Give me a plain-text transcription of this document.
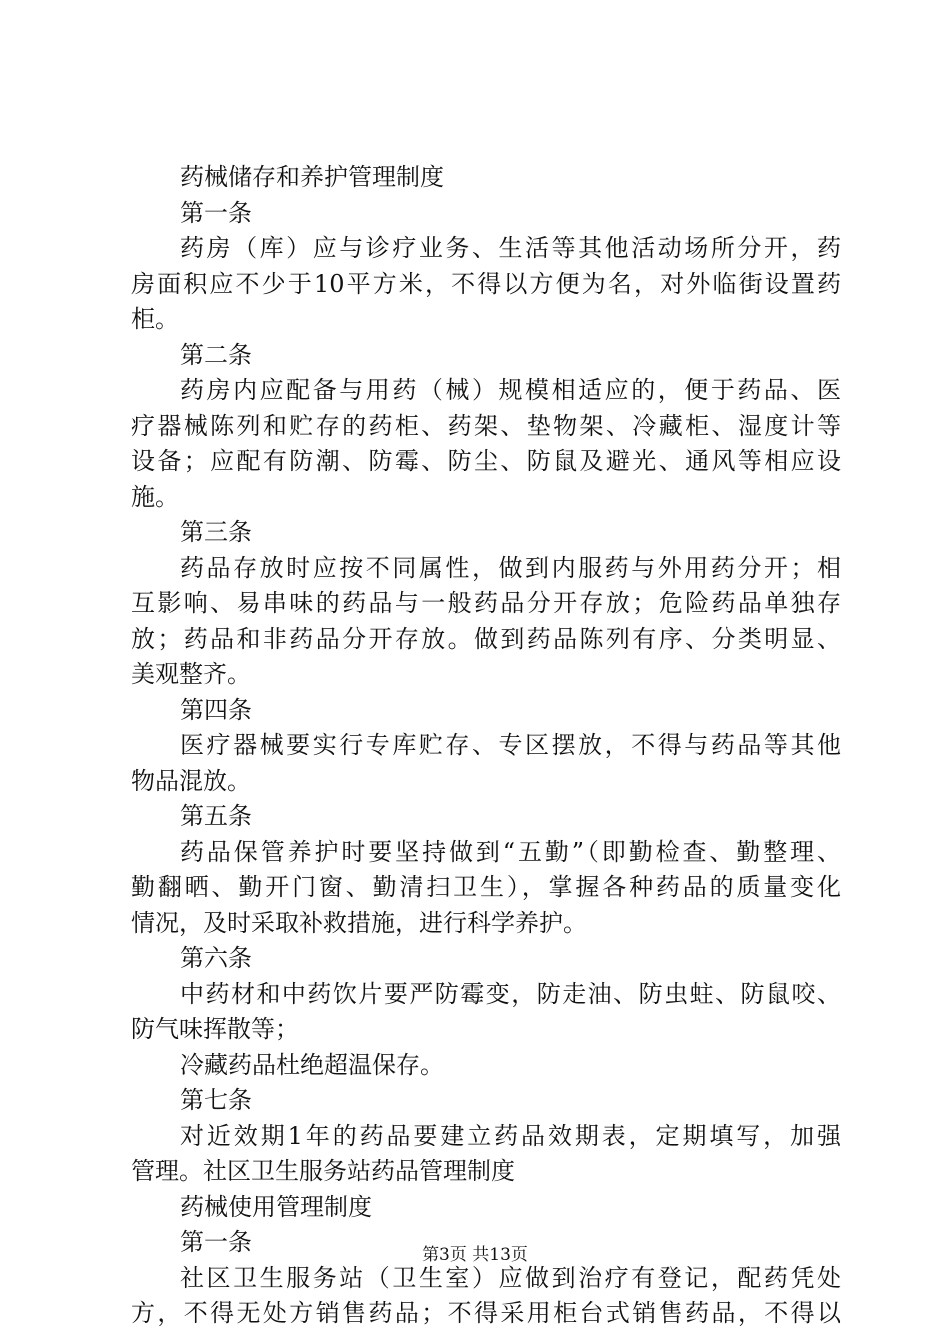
药械储存和养护管理制度
第一条
药房（库）应与诊疗业务、生活等其他活动场所分开，药
房面积应不少于10平方米，不得以方便为名，对外临街设置药
柜。
第二条
药房内应配备与用药（械）规模相适应的，便于药品、医
疗器械陈列和贮存的药柜、药架、垫物架、冷藏柜、湿度计等
设备；应配有防潮、防霉、防尘、防鼠及避光、通风等相应设
施。
第三条
药品存放时应按不同属性，做到内服药与外用药分开；相
互影响、易串味的药品与一般药品分开存放；危险药品单独存
放；药品和非药品分开存放。做到药品陈列有序、分类明显、
美观整齐。
第四条
医疗器械要实行专库贮存、专区摆放，不得与药品等其他
物品混放。
第五条
药品保管养护时要坚持做到“五勤”（即勤检查、勤整理、
勤翻晒、勤开门窗、勤清扫卫生），掌握各种药品的质量变化
情况，及时采取补救措施，进行科学养护。
第六条
中药材和中药饮片要严防霉变，防走油、防虫蛀、防鼠咬、
防气味挥散等；
冷藏药品杜绝超温保存。
第七条
对近效期1年的药品要建立药品效期表，定期填写，加强
管理。社区卫生服务站药品管理制度
药械使用管理制度
第一条
社区卫生服务站（卫生室）应做到治疗有登记，配药凭处
方，不得无处方销售药品；不得采用柜台式销售药品，不得以
第3页 共13页
